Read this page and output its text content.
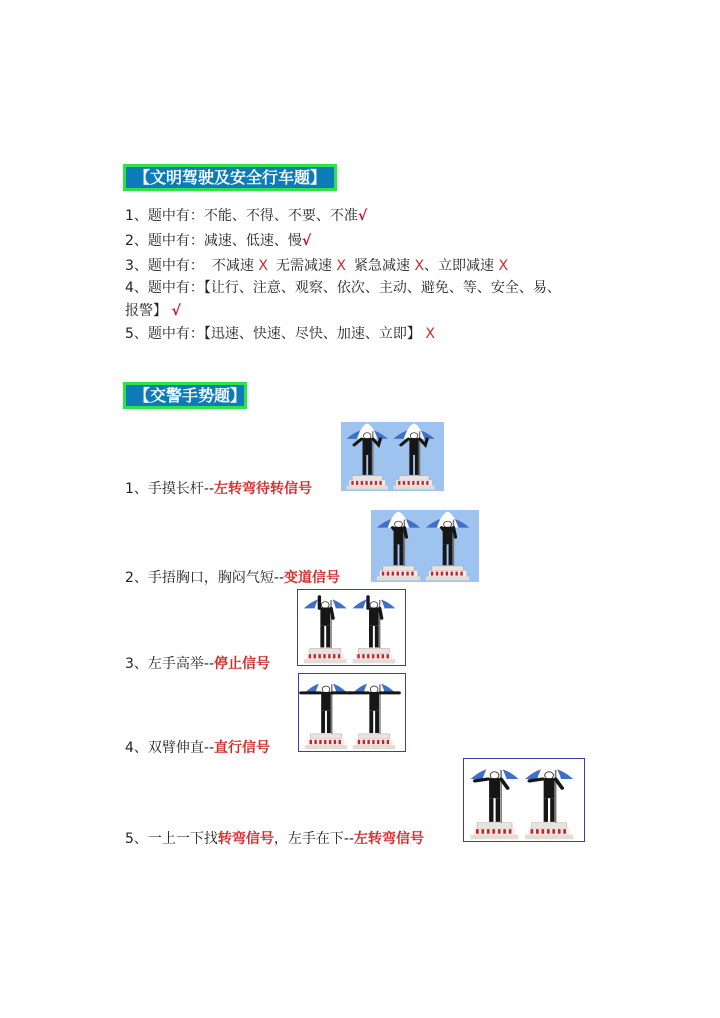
【文明驾驶及安全行车题】
1、题中有：不能、不得、不要、不准√
2、题中有：减速、低速、慢√
3、题中有： 不减速 X 无需减速 X 紧急减速 X、立即减速 X
4、题中有：【让行、注意、观察、依次、主动、避免、等、安全、易、
报警】 √
5、题中有：【迅速、快速、尽快、加速、立即】 X
【交警手势题】
1、手摸长杆--左转弯待转信号
2、手捂胸口，胸闷气短--变道信号
3、左手高举--停止信号
4、双臂伸直--直行信号
5、一上一下找转弯信号，左手在下--左转弯信号
